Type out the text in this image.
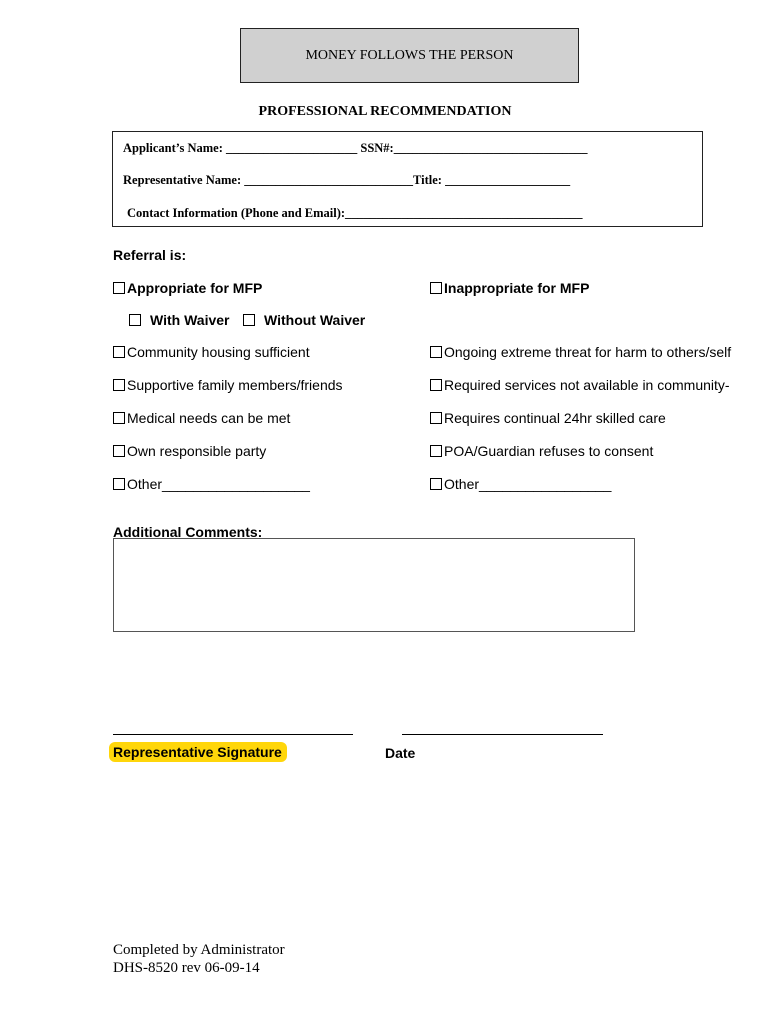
MONEY FOLLOWS THE PERSON
PROFESSIONAL RECOMMENDATION
Applicant’s Name: _____________________ SSN#:_______________________________
Representative Name: ___________________________Title: ____________________
Contact Information (Phone and Email):______________________________________
Referral is:
Appropriate for MFP	Inappropriate for MFP
With Waiver Without Waiver
Community housing sufficient
Supportive family members/friends
Medical needs can be met
Own responsible party
Other___________________
Ongoing extreme threat for harm to others/self
Required services not available in community-
Requires continual 24hr skilled care
POA/Guardian refuses to consent
Other_________________
Additional Comments:
Representative Signature	Date
Completed by Administrator
DHS-8520 rev 06-09-14
